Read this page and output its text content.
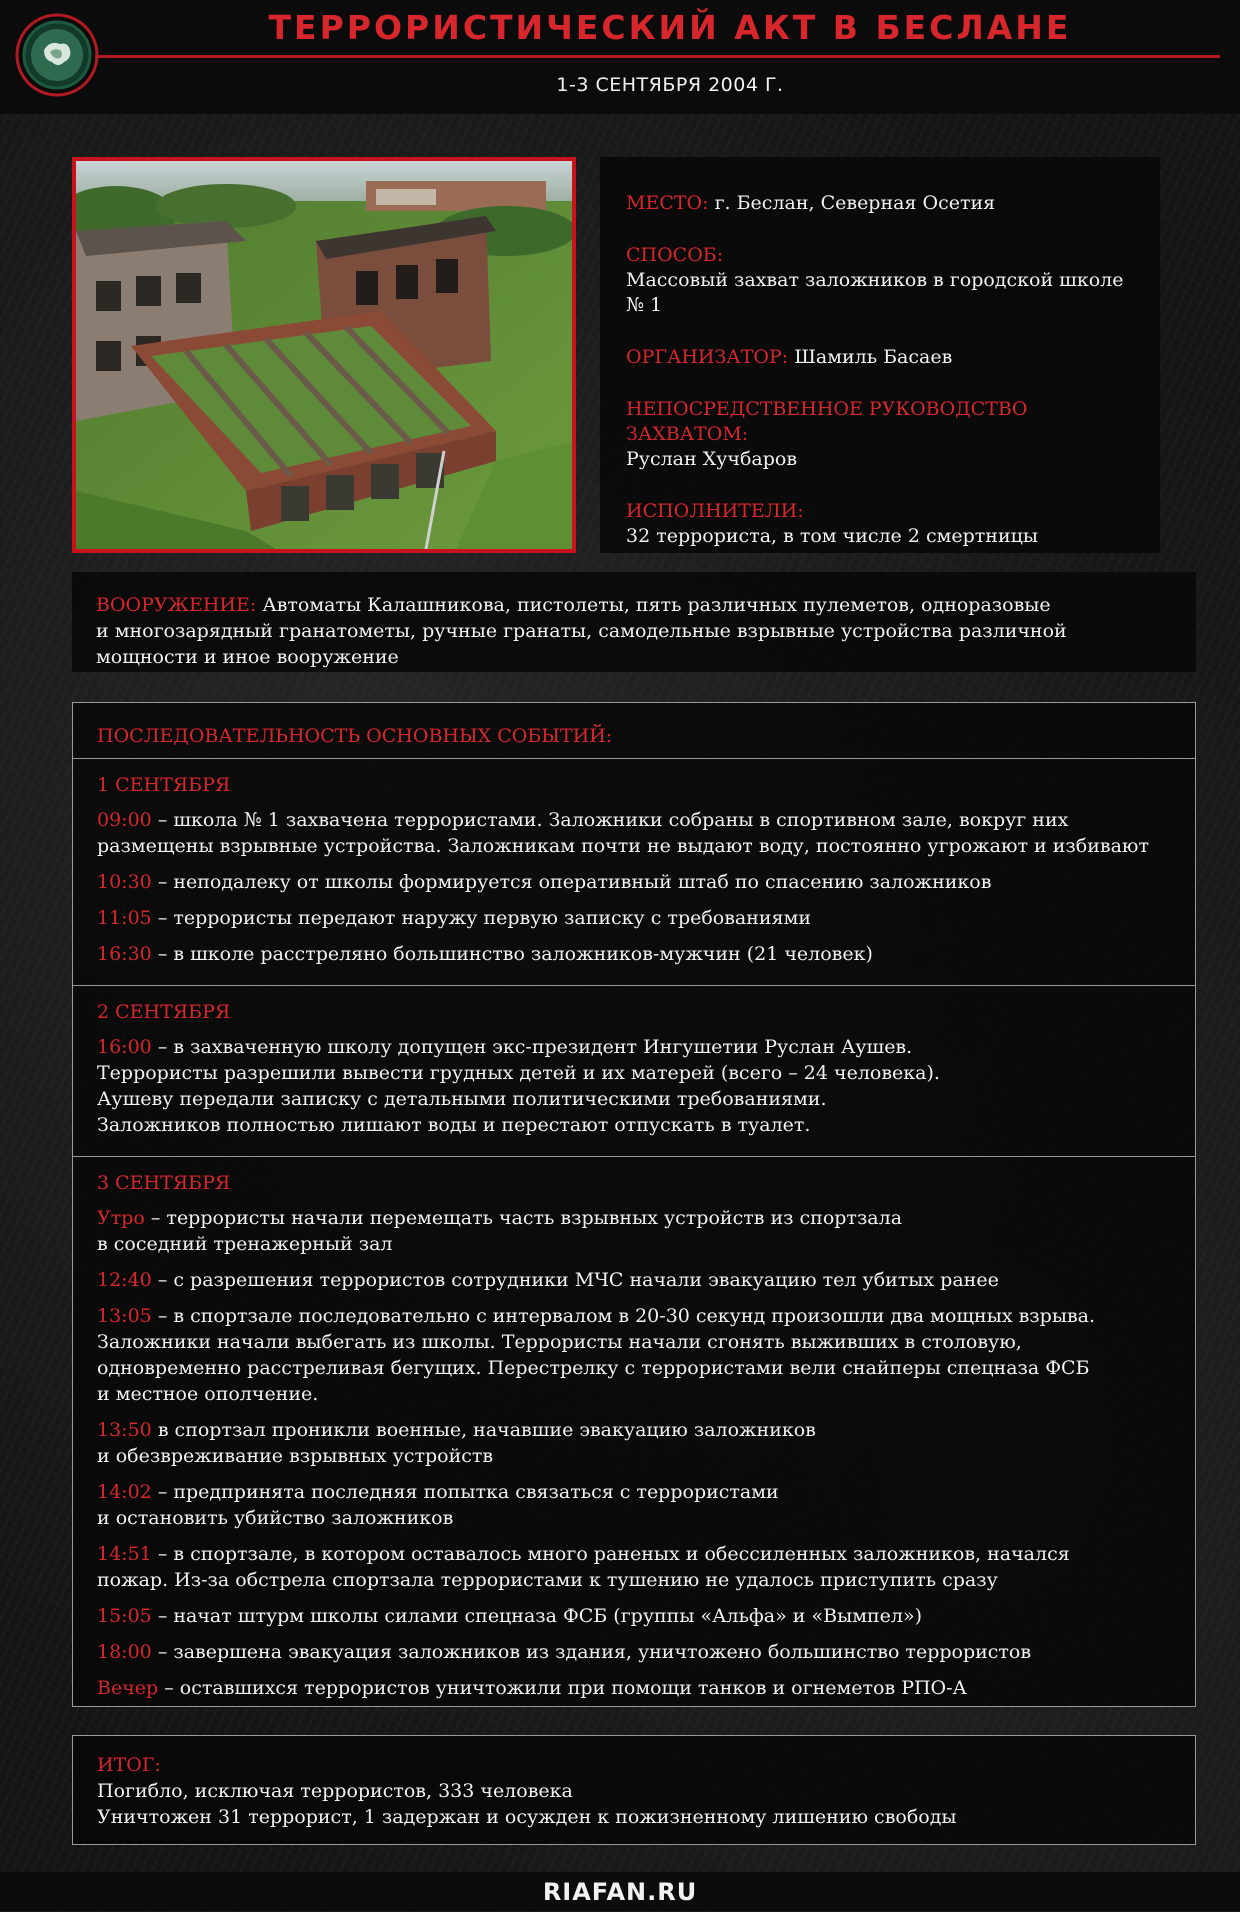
ТЕРРОРИСТИЧЕСКИЙ АКТ В БЕСЛАНЕ
1-3 СЕНТЯБРЯ 2004 Г.
МЕСТО: г. Беслан, Северная Осетия
СПОСОБ:
Массовый захват заложников в городской школе № 1
ОРГАНИЗАТОР: Шамиль Басаев
НЕПОСРЕДСТВЕННОЕ РУКОВОДСТВО ЗАХВАТОМ:
Руслан Хучбаров
ИСПОЛНИТЕЛИ:
32 террориста, в том числе 2 смертницы
ВООРУЖЕНИЕ: Автоматы Калашникова, пистолеты, пять различных пулеметов, одноразовые
и многозарядный гранатометы, ручные гранаты, самодельные взрывные устройства различной
мощности и иное вооружение
ПОСЛЕДОВАТЕЛЬНОСТЬ ОСНОВНЫХ СОБЫТИЙ:
1 СЕНТЯБРЯ
09:00 – школа № 1 захвачена террористами. Заложники собраны в спортивном зале, вокруг них
размещены взрывные устройства. Заложникам почти не выдают воду, постоянно угрожают и избивают
10:30 – неподалеку от школы формируется оперативный штаб по спасению заложников
11:05 – террористы передают наружу первую записку с требованиями
16:30 – в школе расстреляно большинство заложников-мужчин (21 человек)
2 СЕНТЯБРЯ
16:00 – в захваченную школу допущен экс-президент Ингушетии Руслан Аушев.
Террористы разрешили вывести грудных детей и их матерей (всего – 24 человека).
Аушеву передали записку с детальными политическими требованиями.
Заложников полностью лишают воды и перестают отпускать в туалет.
3 СЕНТЯБРЯ
Утро – террористы начали перемещать часть взрывных устройств из спортзала
в соседний тренажерный зал
12:40 – с разрешения террористов сотрудники МЧС начали эвакуацию тел убитых ранее
13:05 – в спортзале последовательно с интервалом в 20-30 секунд произошли два мощных взрыва.
Заложники начали выбегать из школы. Террористы начали сгонять выживших в столовую,
одновременно расстреливая бегущих. Перестрелку с террористами вели снайперы спецназа ФСБ
и местное ополчение.
13:50 в спортзал проникли военные, начавшие эвакуацию заложников
и обезвреживание взрывных устройств
14:02 – предпринята последняя попытка связаться с террористами
и остановить убийство заложников
14:51 – в спортзале, в котором оставалось много раненых и обессиленных заложников, начался
пожар. Из-за обстрела спортзала террористами к тушению не удалось приступить сразу
15:05 – начат штурм школы силами спецназа ФСБ (группы «Альфа» и «Вымпел»)
18:00 – завершена эвакуация заложников из здания, уничтожено большинство террористов
Вечер – оставшихся террористов уничтожили при помощи танков и огнеметов РПО-А
ИТОГ:
Погибло, исключая террористов, 333 человека
Уничтожен 31 террорист, 1 задержан и осужден к пожизненному лишению свободы
RIAFAN.RU
